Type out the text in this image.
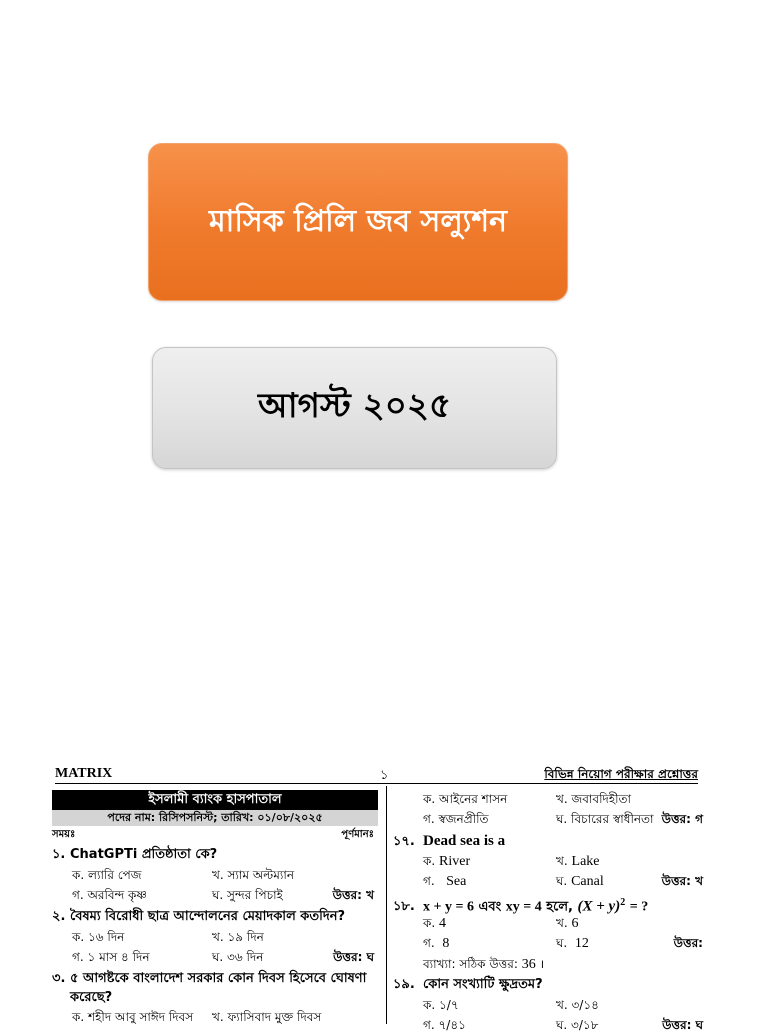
মাসিক প্রিলি জব সল্যুশন
আগস্ট ২০২৫
MATRIX	১	বিভিন্ন নিয়োগ পরীক্ষার প্রশ্নোত্তর
ইসলামী ব্যাংক হাসপাতাল
পদের নাম: রিসিপসনিস্ট; তারিখ: ০১/০৮/২০২৫
সময়ঃ	পূর্ণমানঃ
১. ChatGPTi প্রতিষ্ঠাতা কে?
ক. ল্যারি পেজ	খ. স্যাম অল্টম্যান
গ. অরবিন্দ কৃষ্ণ	ঘ. সুন্দর পিচাই	উত্তর: খ
২. বৈষম্য বিরোধী ছাত্র আন্দোলনের মেয়াদকাল কতদিন?
ক. ১৬ দিন	খ. ১৯ দিন
গ. ১ মাস ৪ দিন	ঘ. ৩৬ দিন	উত্তর: ঘ
৩. ৫ আগষ্টকে বাংলাদেশ সরকার কোন দিবস হিসেবে ঘোষণা
করেছে?
ক. শহীদ আবু সাঈদ দিবস খ. ফ্যাসিবাদ মুক্ত দিবস
ক. আইনের শাসন	খ. জবাবদিহীতা
গ. স্বজনপ্রীতি	ঘ. বিচারের স্বাধীনতা উত্তর: গ
১৭. Dead sea is a
ক. River	খ. Lake
গ. Sea	ঘ. Canal	উত্তর: খ
১৮. x + y = 6 এবং xy = 4 হলে, $(X + y)^2$ = ?
ক. 4	খ. 6
গ. 8	ঘ. 12	উত্তর:
ব্যাখ্যা: সঠিক উত্তর: 36 ।
১৯. কোন সংখ্যাটি ক্ষুদ্রতম?
ক. ১/৭	খ. ৩/১৪
গ. ৭/৪১	ঘ. ৩/১৮	উত্তর: ঘ
